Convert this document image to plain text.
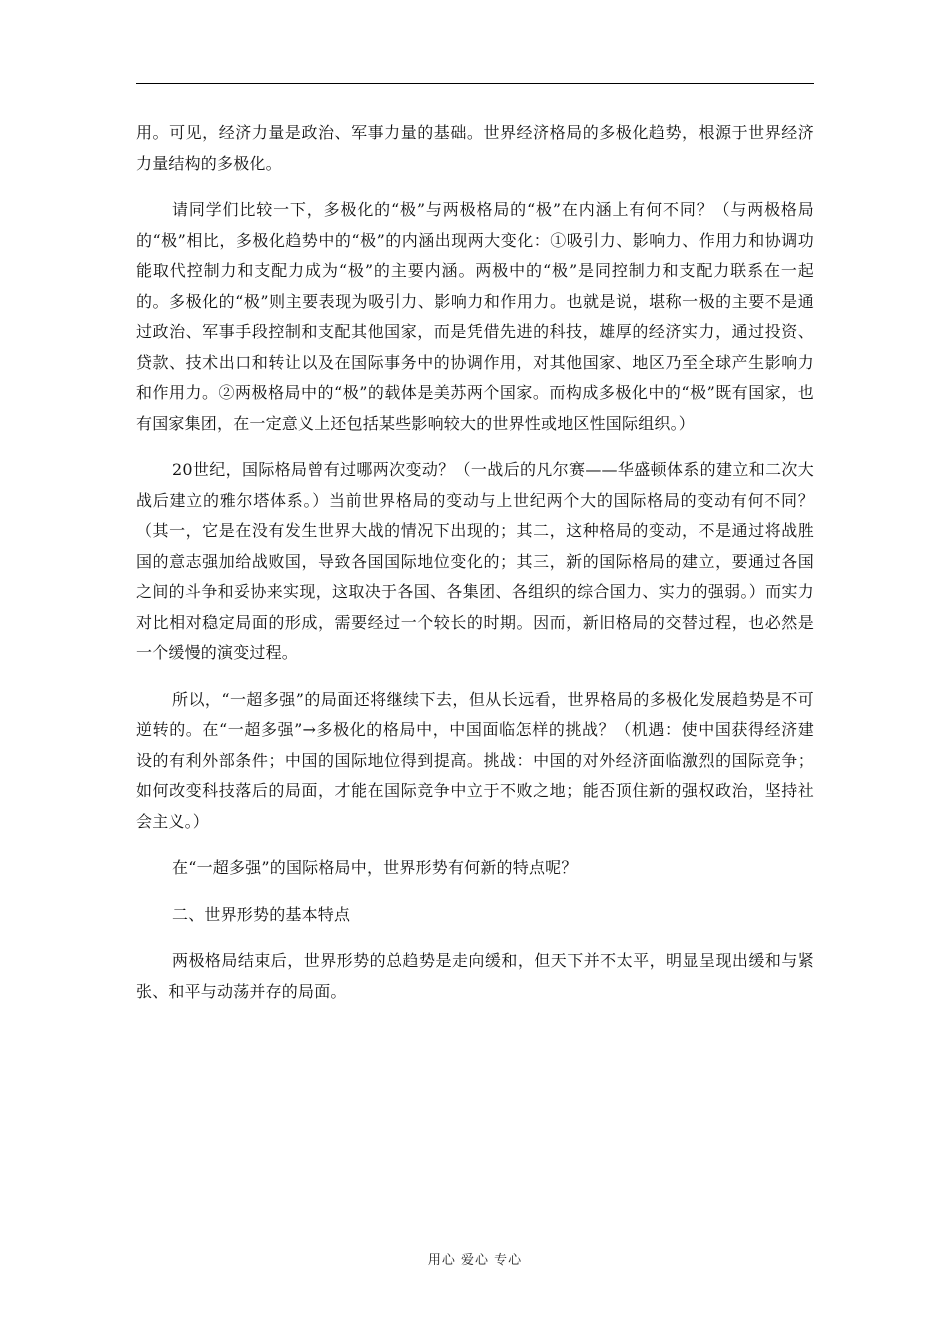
用。可见，经济力量是政治、军事力量的基础。世界经济格局的多极化趋势，根源于世界经济力量结构的多极化。

请同学们比较一下，多极化的“极”与两极格局的“极”在内涵上有何不同？（与两极格局的“极”相比，多极化趋势中的“极”的内涵出现两大变化：①吸引力、影响力、作用力和协调功能取代控制力和支配力成为“极”的主要内涵。两极中的“极”是同控制力和支配力联系在一起的。多极化的“极”则主要表现为吸引力、影响力和作用力。也就是说，堪称一极的主要不是通过政治、军事手段控制和支配其他国家，而是凭借先进的科技，雄厚的经济实力，通过投资、贷款、技术出口和转让以及在国际事务中的协调作用，对其他国家、地区乃至全球产生影响力和作用力。②两极格局中的“极”的载体是美苏两个国家。而构成多极化中的“极”既有国家，也有国家集团，在一定意义上还包括某些影响较大的世界性或地区性国际组织。）

20世纪，国际格局曾有过哪两次变动？（一战后的凡尔赛——华盛顿体系的建立和二次大战后建立的雅尔塔体系。）当前世界格局的变动与上世纪两个大的国际格局的变动有何不同？（其一，它是在没有发生世界大战的情况下出现的；其二，这种格局的变动，不是通过将战胜国的意志强加给战败国，导致各国国际地位变化的；其三，新的国际格局的建立，要通过各国之间的斗争和妥协来实现，这取决于各国、各集团、各组织的综合国力、实力的强弱。）而实力对比相对稳定局面的形成，需要经过一个较长的时期。因而，新旧格局的交替过程，也必然是一个缓慢的演变过程。

所以，“一超多强”的局面还将继续下去，但从长远看，世界格局的多极化发展趋势是不可逆转的。在“一超多强”→多极化的格局中，中国面临怎样的挑战？（机遇：使中国获得经济建设的有利外部条件；中国的国际地位得到提高。挑战：中国的对外经济面临激烈的国际竞争；如何改变科技落后的局面，才能在国际竞争中立于不败之地；能否顶住新的强权政治，坚持社会主义。）

在“一超多强”的国际格局中，世界形势有何新的特点呢？

二、世界形势的基本特点

两极格局结束后，世界形势的总趋势是走向缓和，但天下并不太平，明显呈现出缓和与紧张、和平与动荡并存的局面。

用心 爱心 专心
